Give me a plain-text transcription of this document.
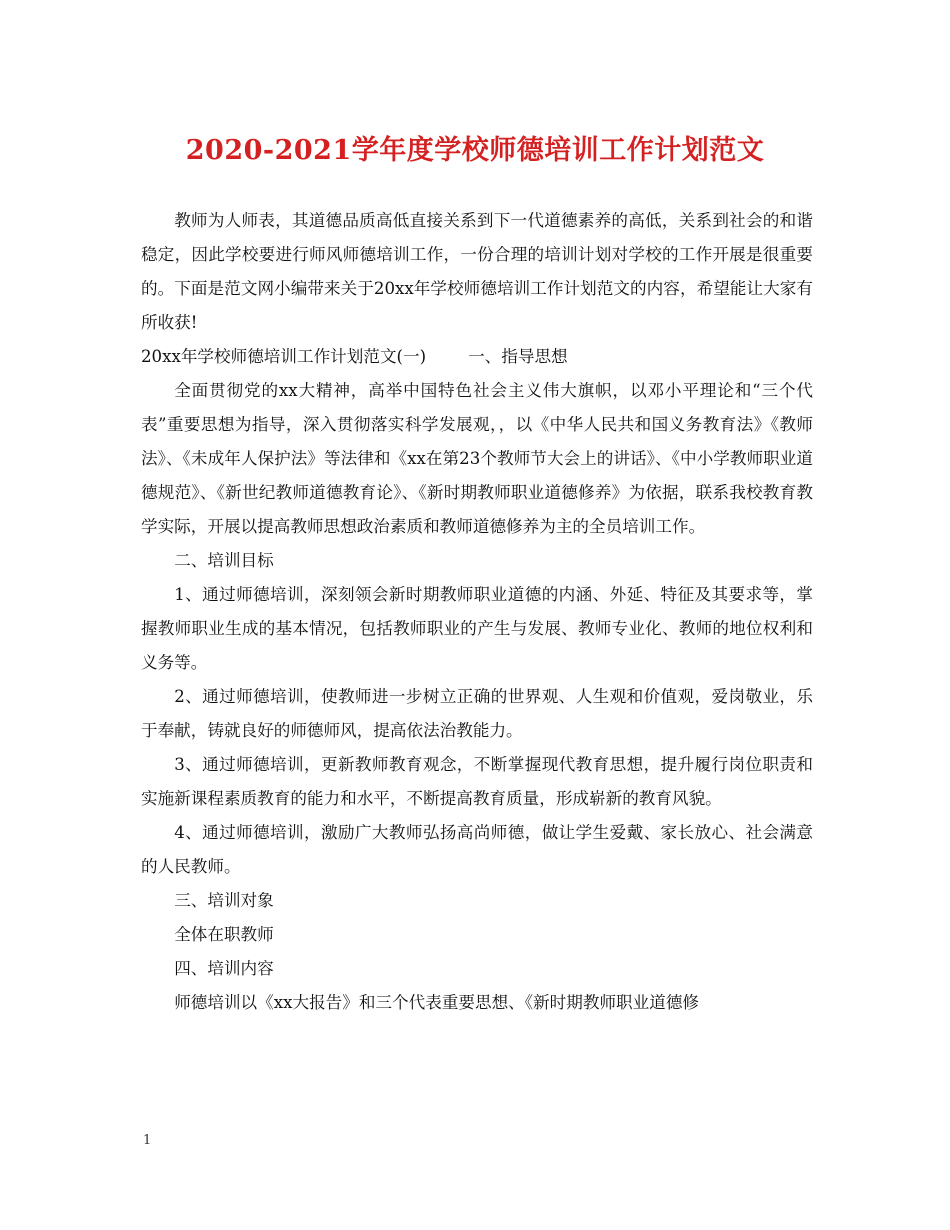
2020-2021学年度学校师德培训工作计划范文

教师为人师表，其道德品质高低直接关系到下一代道德素养的高低，关系到社会的和谐稳定，因此学校要进行师风师德培训工作，一份合理的培训计划对学校的工作开展是很重要的。下面是范文网小编带来关于20xx年学校师德培训工作计划范文的内容，希望能让大家有所收获!

20xx年学校师德培训工作计划范文(一)	一、指导思想

全面贯彻党的xx大精神，高举中国特色社会主义伟大旗帜，以邓小平理论和“三个代表”重要思想为指导，深入贯彻落实科学发展观，，以《中华人民共和国义务教育法》《教师法》、《未成年人保护法》等法律和《xx在第23个教师节大会上的讲话》、《中小学教师职业道德规范》、《新世纪教师道德教育论》、《新时期教师职业道德修养》为依据，联系我校教育教学实际，开展以提高教师思想政治素质和教师道德修养为主的全员培训工作。

二、培训目标

1、通过师德培训，深刻领会新时期教师职业道德的内涵、外延、特征及其要求等，掌握教师职业生成的基本情况，包括教师职业的产生与发展、教师专业化、教师的地位权利和义务等。

2、通过师德培训，使教师进一步树立正确的世界观、人生观和价值观，爱岗敬业，乐于奉献，铸就良好的师德师风，提高依法治教能力。

3、通过师德培训，更新教师教育观念，不断掌握现代教育思想，提升履行岗位职责和实施新课程素质教育的能力和水平，不断提高教育质量，形成崭新的教育风貌。

4、通过师德培训，激励广大教师弘扬高尚师德，做让学生爱戴、家长放心、社会满意的人民教师。

三、培训对象

全体在职教师

四、培训内容

师德培训以《xx大报告》和三个代表重要思想、《新时期教师职业道德修

1
